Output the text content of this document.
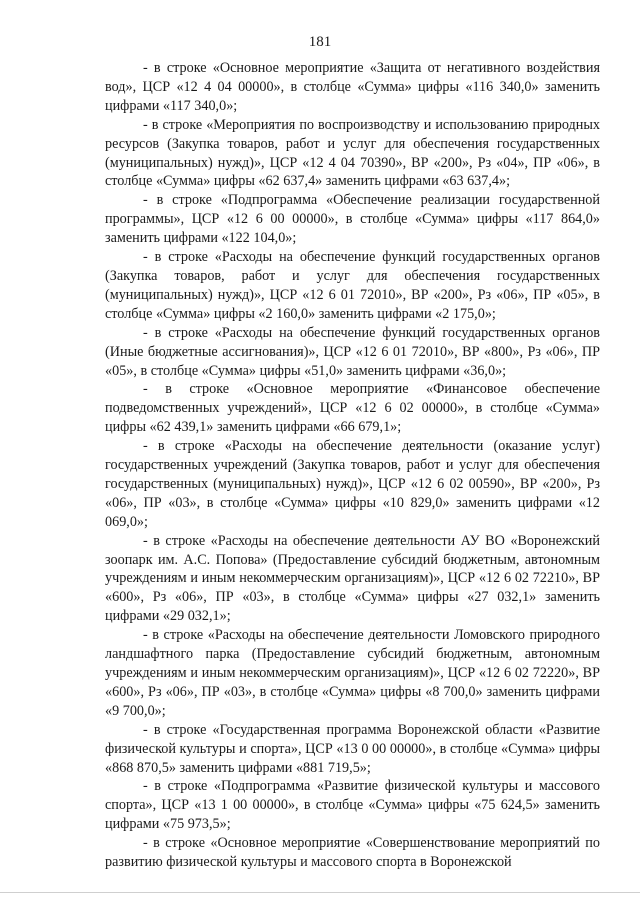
181

- в строке «Основное мероприятие «Защита от негативного воздействия вод», ЦСР «12 4 04 00000», в столбце «Сумма» цифры «116 340,0» заменить цифрами «117 340,0»;

- в строке «Мероприятия по воспроизводству и использованию природных ресурсов (Закупка товаров, работ и услуг для обеспечения государственных (муниципальных) нужд)», ЦСР «12 4 04 70390», ВР «200», Рз «04», ПР «06», в столбце «Сумма» цифры «62 637,4» заменить цифрами «63 637,4»;

- в строке «Подпрограмма «Обеспечение реализации государственной программы», ЦСР «12 6 00 00000», в столбце «Сумма» цифры «117 864,0» заменить цифрами «122 104,0»;

- в строке «Расходы на обеспечение функций государственных органов (Закупка товаров, работ и услуг для обеспечения государственных (муниципальных) нужд)», ЦСР «12 6 01 72010», ВР «200», Рз «06», ПР «05», в столбце «Сумма» цифры «2 160,0» заменить цифрами «2 175,0»;

- в строке «Расходы на обеспечение функций государственных органов (Иные бюджетные ассигнования)», ЦСР «12 6 01 72010», ВР «800», Рз «06», ПР «05», в столбце «Сумма» цифры «51,0» заменить цифрами «36,0»;

- в строке «Основное мероприятие «Финансовое обеспечение подведомственных учреждений», ЦСР «12 6 02 00000», в столбце «Сумма» цифры «62 439,1» заменить цифрами «66 679,1»;

- в строке «Расходы на обеспечение деятельности (оказание услуг) государственных учреждений (Закупка товаров, работ и услуг для обеспечения государственных (муниципальных) нужд)», ЦСР «12 6 02 00590», ВР «200», Рз «06», ПР «03», в столбце «Сумма» цифры «10 829,0» заменить цифрами «12 069,0»;

- в строке «Расходы на обеспечение деятельности АУ ВО «Воронежский зоопарк им. А.С. Попова» (Предоставление субсидий бюджетным, автономным учреждениям и иным некоммерческим организациям)», ЦСР «12 6 02 72210», ВР «600», Рз «06», ПР «03», в столбце «Сумма» цифры «27 032,1» заменить цифрами «29 032,1»;

- в строке «Расходы на обеспечение деятельности Ломовского природного ландшафтного парка (Предоставление субсидий бюджетным, автономным учреждениям и иным некоммерческим организациям)», ЦСР «12 6 02 72220», ВР «600», Рз «06», ПР «03», в столбце «Сумма» цифры «8 700,0» заменить цифрами «9 700,0»;

- в строке «Государственная программа Воронежской области «Развитие физической культуры и спорта», ЦСР «13 0 00 00000», в столбце «Сумма» цифры «868 870,5» заменить цифрами «881 719,5»;

- в строке «Подпрограмма «Развитие физической культуры и массового спорта», ЦСР «13 1 00 00000», в столбце «Сумма» цифры «75 624,5» заменить цифрами «75 973,5»;

- в строке «Основное мероприятие «Совершенствование мероприятий по развитию физической культуры и массового спорта в Воронежской
